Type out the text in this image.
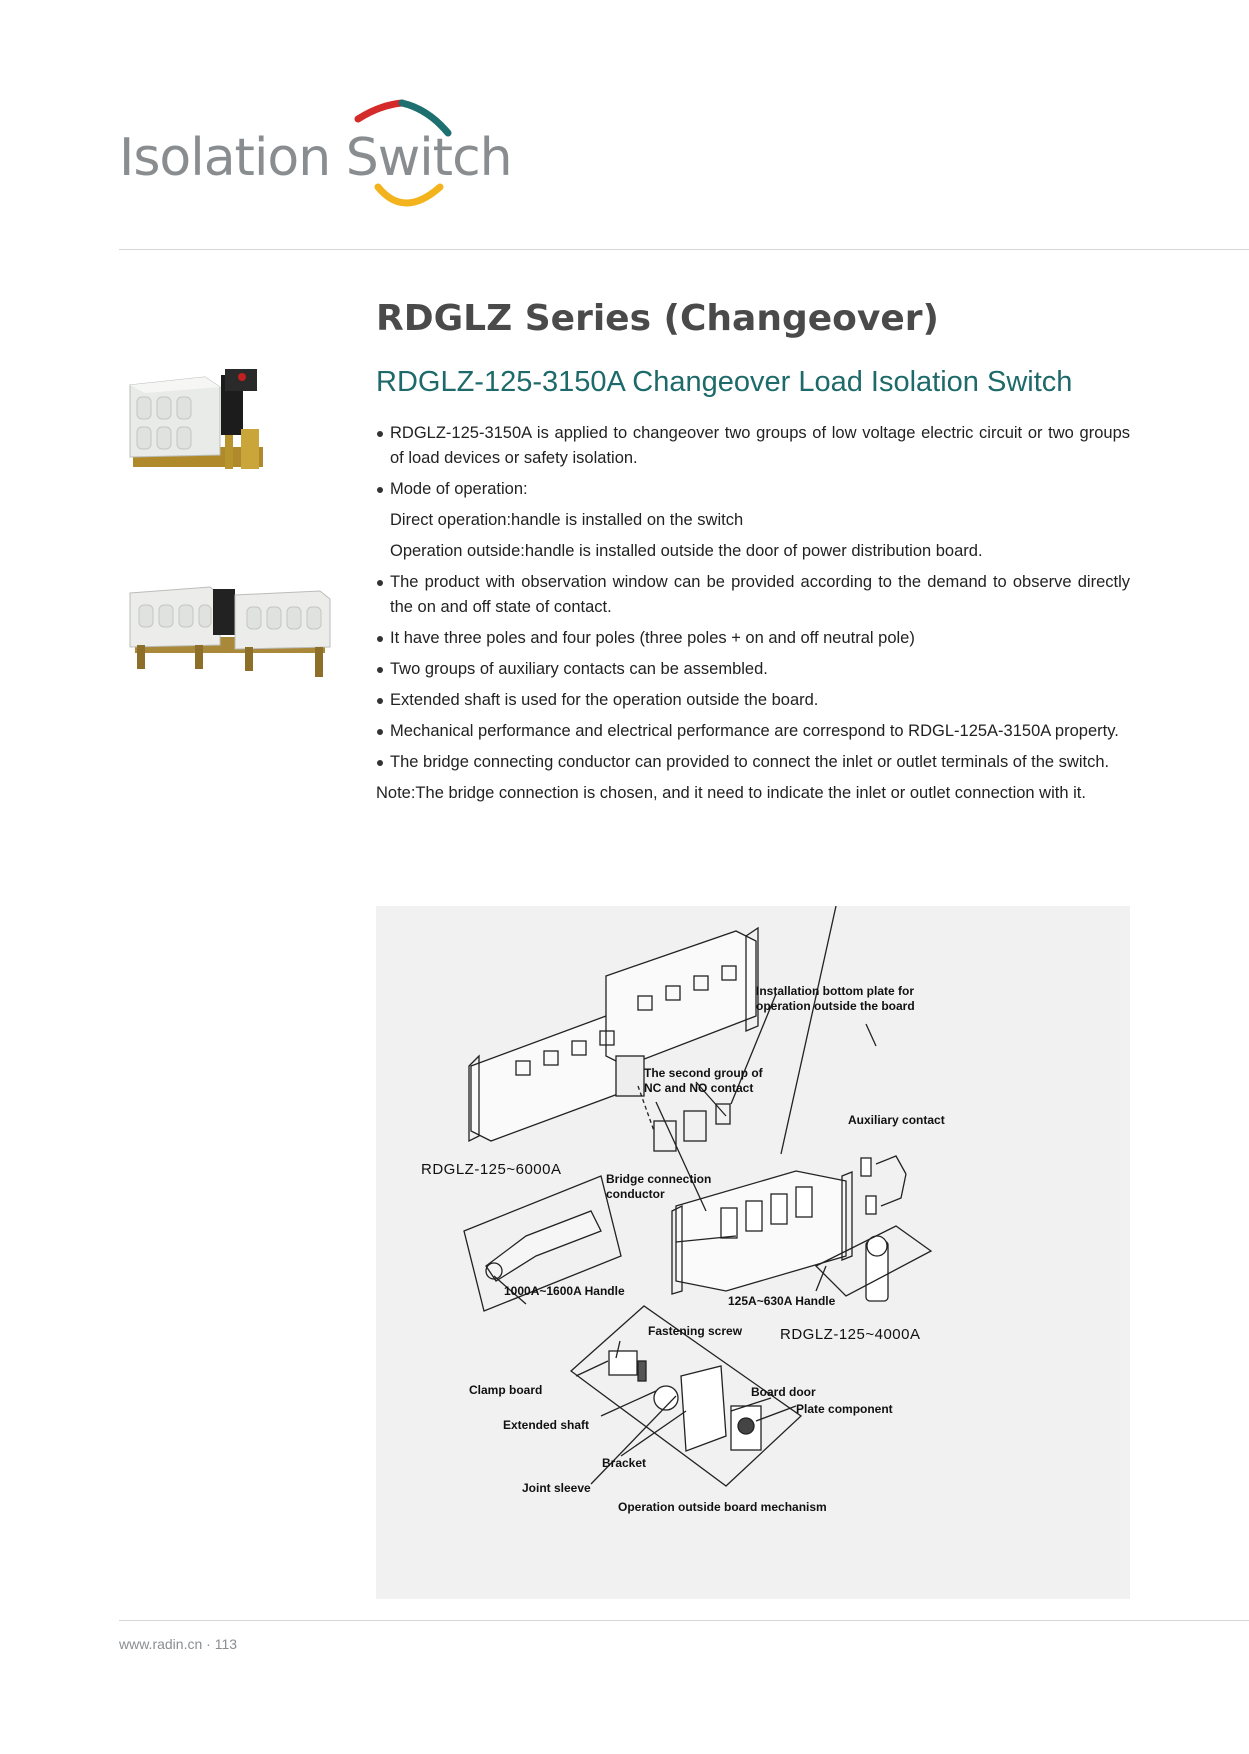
Isolation Switch
RDGLZ Series (Changeover)
RDGLZ-125-3150A Changeover Load Isolation Switch
RDGLZ-125-3150A is applied to changeover two groups of low voltage electric circuit or two groups of load devices or safety isolation.
Mode of operation:
Direct operation:handle is installed on the switch
Operation outside:handle is installed outside the door of power distribution board.
The product with observation window can be provided according to the demand to observe directly the on and off state of contact.
It have three poles and four poles (three poles + on and off neutral pole)
Two groups of auxiliary contacts can be assembled.
Extended shaft is used for the operation outside the board.
Mechanical performance and electrical performance are correspond to RDGL-125A-3150A property.
The bridge connecting conductor can provided to connect the inlet or outlet terminals of the switch.
Note:The bridge connection is chosen, and it need to indicate the inlet or outlet connection with it.
Installation bottom plate for
operation outside the board
The second group of
NC and NO contact
Auxiliary contact
RDGLZ-125~6000A
Bridge connection
conductor
1000A~1600A Handle
125A~630A Handle
RDGLZ-125~4000A
Fastening screw
Clamp board	Board door
Plate component
Extended shaft
Bracket
Joint sleeve
Operation outside board mechanism
www.radin.cn · 113
